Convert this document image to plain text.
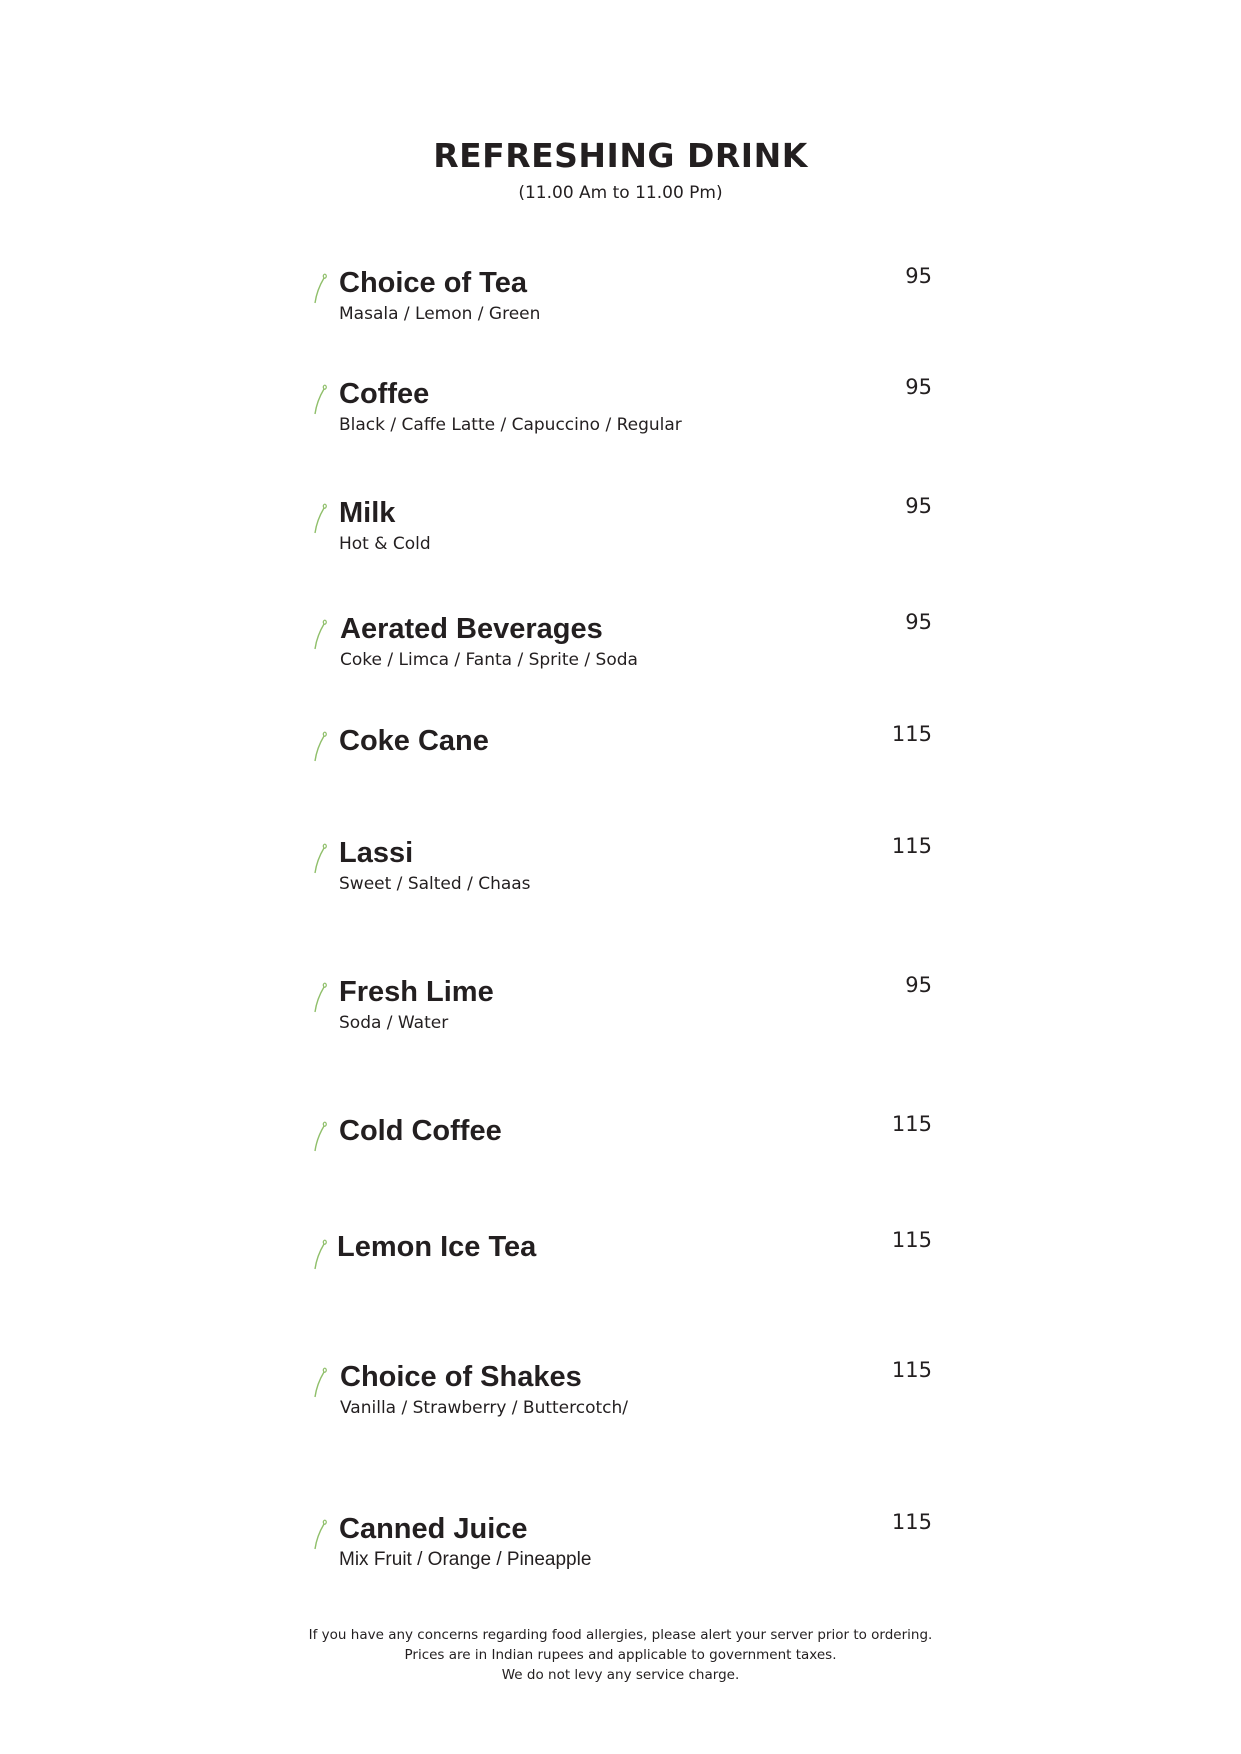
REFRESHING DRINK
(11.00 Am to 11.00 Pm)
Choice of Tea
Masala / Lemon / Green
95
Coffee
Black / Caffe Latte / Capuccino / Regular
95
Milk
Hot & Cold
95
Aerated Beverages
Coke / Limca / Fanta / Sprite / Soda
95
Coke Cane	115
Lassi
Sweet / Salted / Chaas
115
Fresh Lime
Soda / Water
95
Cold Coffee	115
Lemon Ice Tea	115
Choice of Shakes
Vanilla / Strawberry / Buttercotch/
115
Canned Juice
Mix Fruit / Orange / Pineapple
115
If you have any concerns regarding food allergies, please alert your server prior to ordering.
Prices are in Indian rupees and applicable to government taxes.
We do not levy any service charge.
